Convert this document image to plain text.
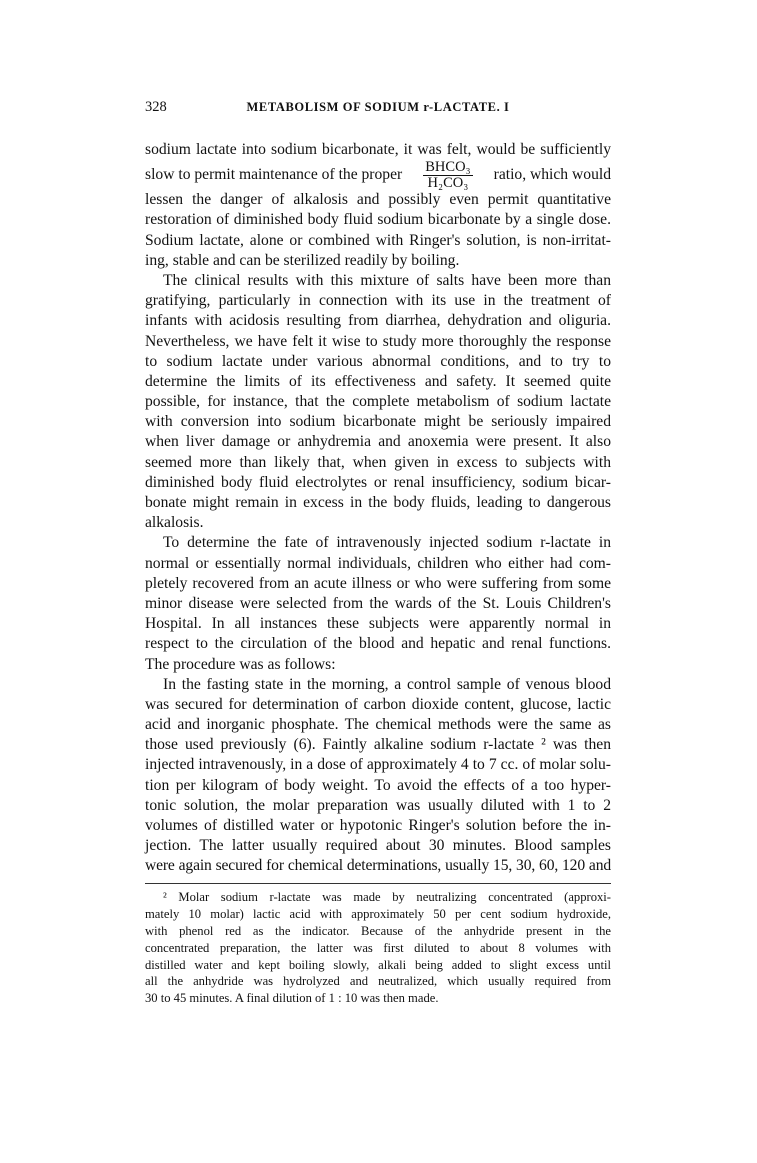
328	METABOLISM OF SODIUM r-LACTATE. I
sodium lactate into sodium bicarbonate, it was felt, would be sufficiently
slow to permit maintenance of the proper $\frac{\text{BHCO₃}}{\text{H₂CO₃}}$ ratio, which would
lessen the danger of alkalosis and possibly even permit quantitative
restoration of diminished body fluid sodium bicarbonate by a single dose.
Sodium lactate, alone or combined with Ringer's solution, is non-irritat-
ing, stable and can be sterilized readily by boiling.
The clinical results with this mixture of salts have been more than
gratifying, particularly in connection with its use in the treatment of
infants with acidosis resulting from diarrhea, dehydration and oliguria.
Nevertheless, we have felt it wise to study more thoroughly the response
to sodium lactate under various abnormal conditions, and to try to
determine the limits of its effectiveness and safety. It seemed quite
possible, for instance, that the complete metabolism of sodium lactate
with conversion into sodium bicarbonate might be seriously impaired
when liver damage or anhydremia and anoxemia were present. It also
seemed more than likely that, when given in excess to subjects with
diminished body fluid electrolytes or renal insufficiency, sodium bicar-
bonate might remain in excess in the body fluids, leading to dangerous
alkalosis.
To determine the fate of intravenously injected sodium r-lactate in
normal or essentially normal individuals, children who either had com-
pletely recovered from an acute illness or who were suffering from some
minor disease were selected from the wards of the St. Louis Children's
Hospital. In all instances these subjects were apparently normal in
respect to the circulation of the blood and hepatic and renal functions.
The procedure was as follows:
In the fasting state in the morning, a control sample of venous blood
was secured for determination of carbon dioxide content, glucose, lactic
acid and inorganic phosphate. The chemical methods were the same as
those used previously (6). Faintly alkaline sodium r-lactate ² was then
injected intravenously, in a dose of approximately 4 to 7 cc. of molar solu-
tion per kilogram of body weight. To avoid the effects of a too hyper-
tonic solution, the molar preparation was usually diluted with 1 to 2
volumes of distilled water or hypotonic Ringer's solution before the in-
jection. The latter usually required about 30 minutes. Blood samples
were again secured for chemical determinations, usually 15, 30, 60, 120 and
² Molar sodium r-lactate was made by neutralizing concentrated (approxi-
mately 10 molar) lactic acid with approximately 50 per cent sodium hydroxide,
with phenol red as the indicator. Because of the anhydride present in the
concentrated preparation, the latter was first diluted to about 8 volumes with
distilled water and kept boiling slowly, alkali being added to slight excess until
all the anhydride was hydrolyzed and neutralized, which usually required from
30 to 45 minutes. A final dilution of 1 : 10 was then made.
